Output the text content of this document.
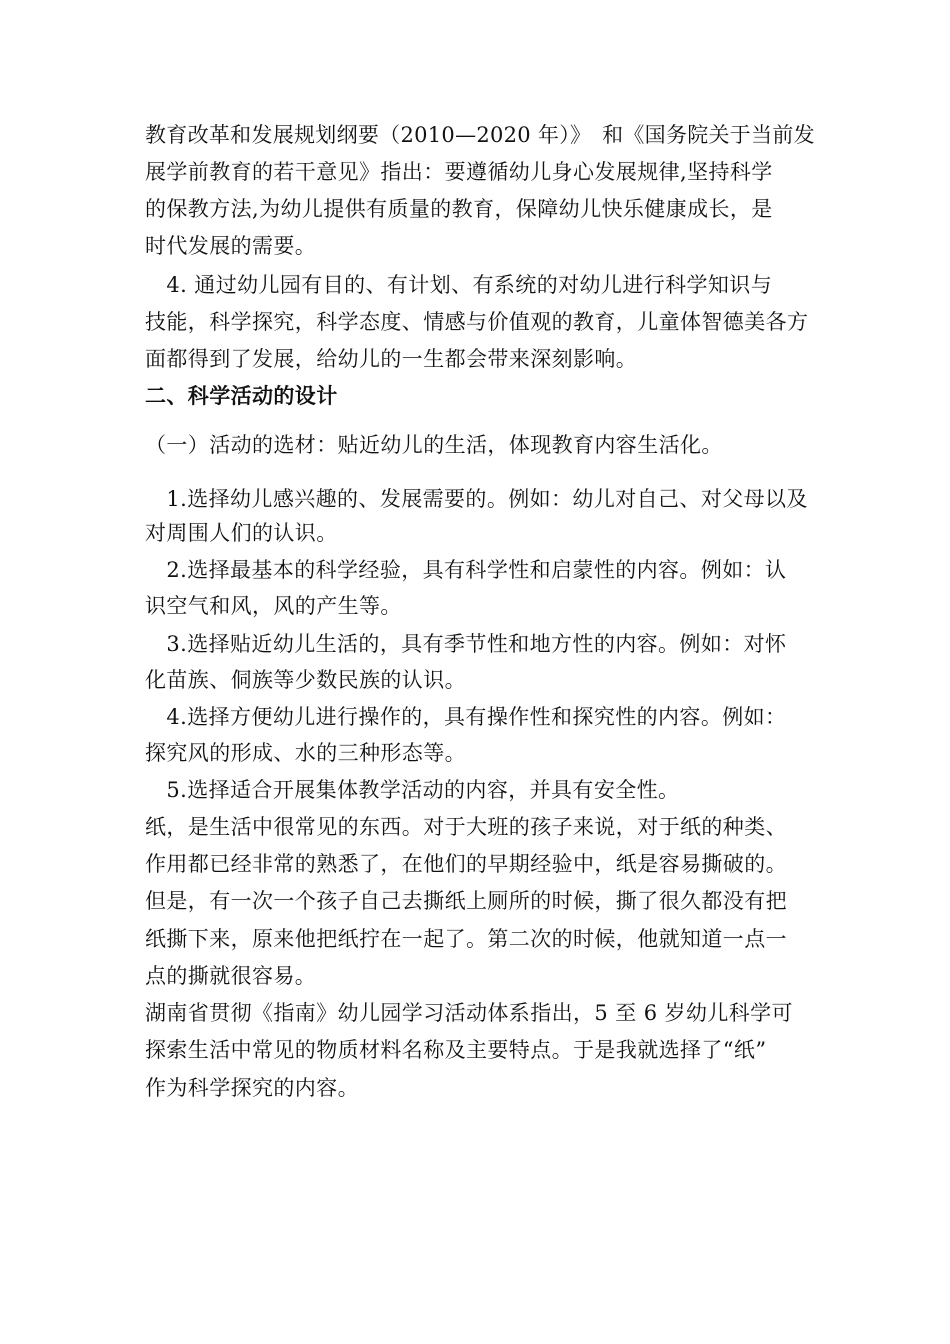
教育改革和发展规划纲要（2010—2020 年）》　和《国务院关于当前发
展学前教育的若干意见》指出：要遵循幼儿身心发展规律,坚持科学
的保教方法,为幼儿提供有质量的教育，保障幼儿快乐健康成长，是
时代发展的需要。
　4. 通过幼儿园有目的、有计划、有系统的对幼儿进行科学知识与
技能，科学探究，科学态度、情感与价值观的教育，儿童体智德美各方
面都得到了发展，给幼儿的一生都会带来深刻影响。
二、科学活动的设计
（一）活动的选材：贴近幼儿的生活，体现教育内容生活化。
　1.选择幼儿感兴趣的、发展需要的。例如：幼儿对自己、对父母以及
对周围人们的认识。
　2.选择最基本的科学经验，具有科学性和启蒙性的内容。例如：认
识空气和风，风的产生等。
　3.选择贴近幼儿生活的，具有季节性和地方性的内容。例如：对怀
化苗族、侗族等少数民族的认识。
　4.选择方便幼儿进行操作的，具有操作性和探究性的内容。例如：
探究风的形成、水的三种形态等。
　5.选择适合开展集体教学活动的内容，并具有安全性。
纸，是生活中很常见的东西。对于大班的孩子来说，对于纸的种类、
作用都已经非常的熟悉了，在他们的早期经验中，纸是容易撕破的。
但是，有一次一个孩子自己去撕纸上厕所的时候，撕了很久都没有把
纸撕下来，原来他把纸拧在一起了。第二次的时候，他就知道一点一
点的撕就很容易。
湖南省贯彻《指南》幼儿园学习活动体系指出，5 至 6 岁幼儿科学可
探索生活中常见的物质材料名称及主要特点。于是我就选择了“纸”
作为科学探究的内容。
